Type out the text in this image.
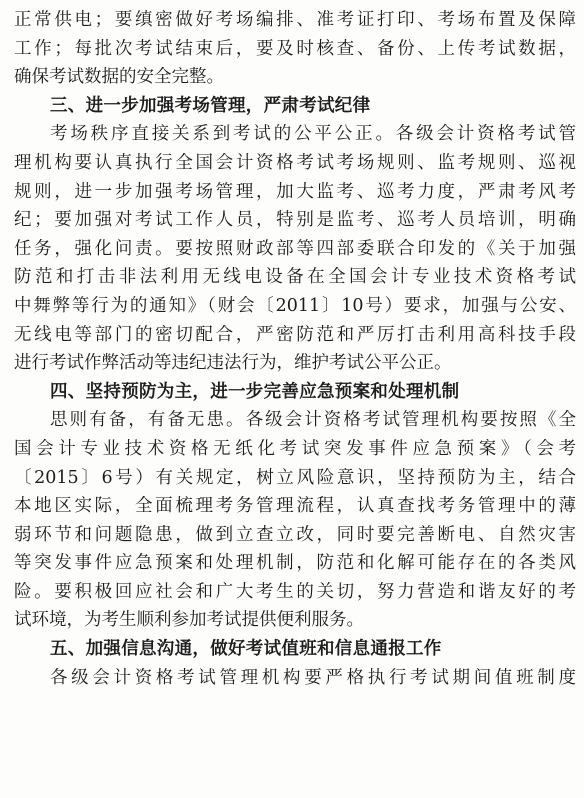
正常供电；要缜密做好考场编排、准考证打印、考场布置及保障
工作；每批次考试结束后，要及时核查、备份、上传考试数据，
确保考试数据的安全完整。
三、进一步加强考场管理，严肃考试纪律
考场秩序直接关系到考试的公平公正。各级会计资格考试管
理机构要认真执行全国会计资格考试考场规则、监考规则、巡视
规则，进一步加强考场管理，加大监考、巡考力度，严肃考风考
纪；要加强对考试工作人员，特别是监考、巡考人员培训，明确
任务，强化问责。要按照财政部等四部委联合印发的《关于加强
防范和打击非法利用无线电设备在全国会计专业技术资格考试
中舞弊等行为的通知》（财会〔2011〕10号）要求，加强与公安、
无线电等部门的密切配合，严密防范和严厉打击利用高科技手段
进行考试作弊活动等违纪违法行为，维护考试公平公正。
四、坚持预防为主，进一步完善应急预案和处理机制
思则有备，有备无患。各级会计资格考试管理机构要按照《全
国会计专业技术资格无纸化考试突发事件应急预案》（会考
〔2015〕6号）有关规定，树立风险意识，坚持预防为主，结合
本地区实际，全面梳理考务管理流程，认真查找考务管理中的薄
弱环节和问题隐患，做到立查立改，同时要完善断电、自然灾害
等突发事件应急预案和处理机制，防范和化解可能存在的各类风
险。要积极回应社会和广大考生的关切，努力营造和谐友好的考
试环境，为考生顺利参加考试提供便利服务。
五、加强信息沟通，做好考试值班和信息通报工作
各级会计资格考试管理机构要严格执行考试期间值班制度
